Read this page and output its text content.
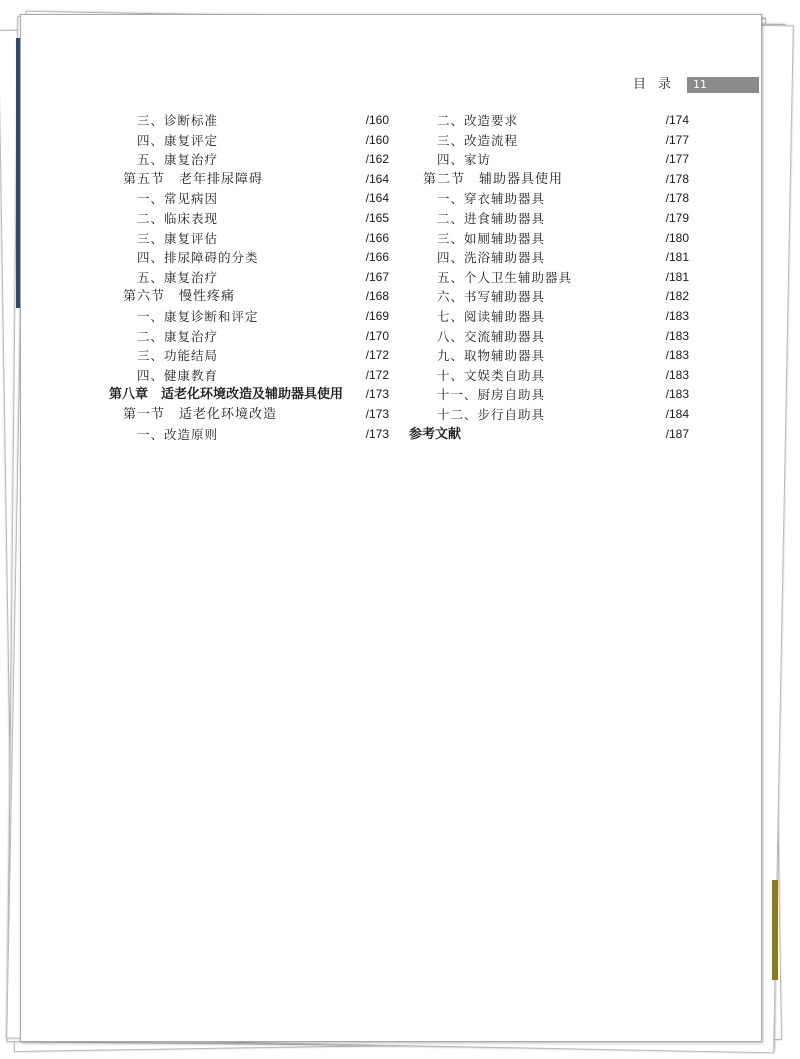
目录 11
三、诊断标准	/160
四、康复评定	/160
五、康复治疗	/162
第五节　老年排尿障碍	/164
一、常见病因	/164
二、临床表现	/165
三、康复评估	/166
四、排尿障碍的分类	/166
五、康复治疗	/167
第六节　慢性疼痛	/168
一、康复诊断和评定	/169
二、康复治疗	/170
三、功能结局	/172
四、健康教育	/172
第八章　适老化环境改造及辅助器具使用 /173
第一节　适老化环境改造	/173
一、改造原则	/173
二、改造要求	/174
三、改造流程	/177
四、家访	/177
第二节　辅助器具使用	/178
一、穿衣辅助器具	/178
二、进食辅助器具	/179
三、如厕辅助器具	/180
四、洗浴辅助器具	/181
五、个人卫生辅助器具	/181
六、书写辅助器具	/182
七、阅读辅助器具	/183
八、交流辅助器具	/183
九、取物辅助器具	/183
十、文娱类自助具	/183
十一、厨房自助具	/183
十二、步行自助具	/184
参考文献	/187
